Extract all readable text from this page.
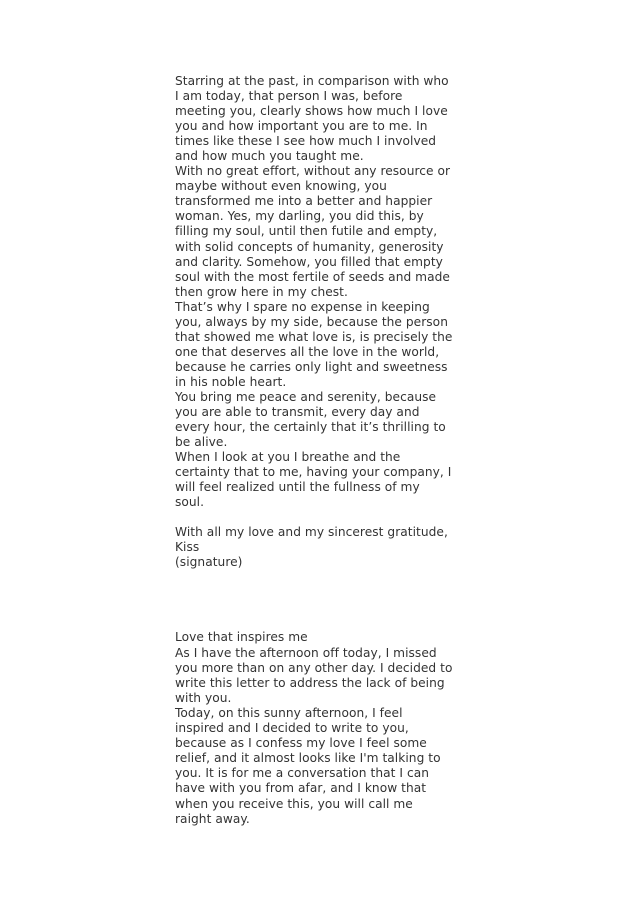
Starring at the past, in comparison with who
I am today, that person I was, before
meeting you, clearly shows how much I love
you and how important you are to me. In
times like these I see how much I involved
and how much you taught me.
With no great effort, without any resource or
maybe without even knowing, you
transformed me into a better and happier
woman. Yes, my darling, you did this, by
filling my soul, until then futile and empty,
with solid concepts of humanity, generosity
and clarity. Somehow, you filled that empty
soul with the most fertile of seeds and made
then grow here in my chest.
That’s why I spare no expense in keeping
you, always by my side, because the person
that showed me what love is, is precisely the
one that deserves all the love in the world,
because he carries only light and sweetness
in his noble heart.
You bring me peace and serenity, because
you are able to transmit, every day and
every hour, the certainly that it’s thrilling to
be alive.
When I look at you I breathe and the
certainty that to me, having your company, I
will feel realized until the fullness of my
soul.
With all my love and my sincerest gratitude,
Kiss
(signature)
Love that inspires me
As I have the afternoon off today, I missed
you more than on any other day. I decided to
write this letter to address the lack of being
with you.
Today, on this sunny afternoon, I feel
inspired and I decided to write to you,
because as I confess my love I feel some
relief, and it almost looks like I'm talking to
you. It is for me a conversation that I can
have with you from afar, and I know that
when you receive this, you will call me
raight away.
